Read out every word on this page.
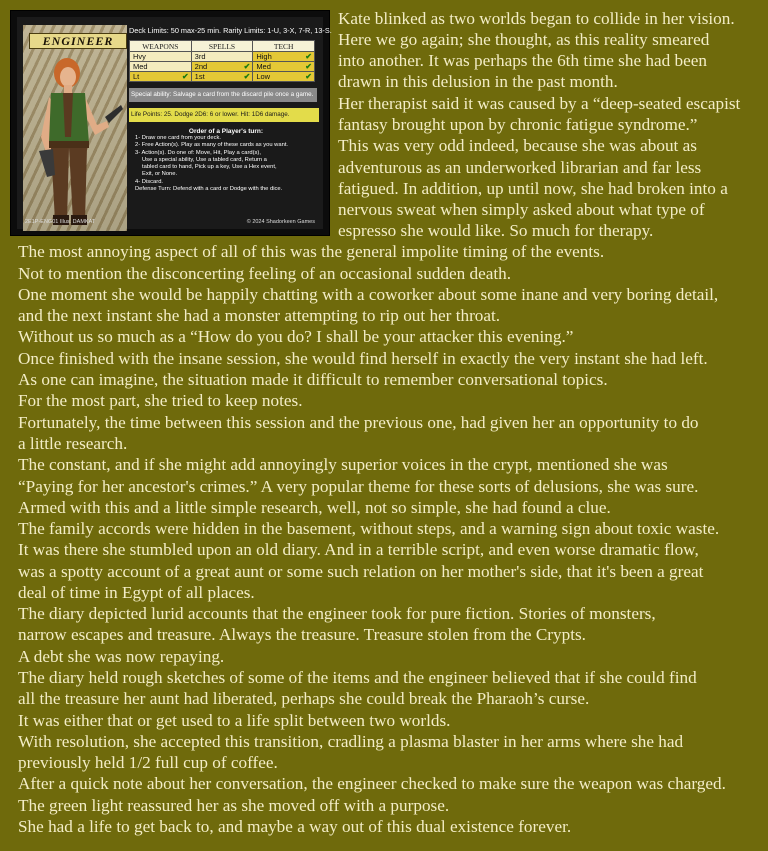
ENGINEER
Deck Limits: 50 max-25 min. Rarity Limits: 1-U, 3-X, 7-R, 13-S.
WEAPONS	SPELLS	TECH
Hvy	3rd	High ✔

Med	2nd ✔	Med ✔

Lt ✔	1st ✔	Low ✔
Special ability: Salvage a card from the discard pile once a game.
Life Points: 25. Dodge 2D6: 6 or lower. Hit: 1D6 damage.
Order of a Player's turn:
1- Draw one card from your deck.
2- Free Action(s). Play as many of these cards as you want.
3- Action(s). Do one of: Move, Hit, Play a card(s),
Use a special ability, Use a tabled card, Return a
tabled card to hand, Pick up a key, Use a Hex event,
Exit, or None.
4- Discard.
Defense Turn: Defend with a card or Dodge with the dice.
2E1P-ENG01 Illus. DAMKAT	© 2024 Shadorkeen Games
Kate blinked as two worlds began to collide in her vision.
Here we go again; she thought, as this reality smeared
into another. It was perhaps the 6th time she had been
drawn in this delusion in the past month.
Her therapist said it was caused by a “deep-seated escapist
fantasy brought upon by chronic fatigue syndrome.”
This was very odd indeed, because she was about as
adventurous as an underworked librarian and far less
fatigued. In addition, up until now, she had broken into a
nervous sweat when simply asked about what type of
espresso she would like. So much for therapy.
The most annoying aspect of all of this was the general impolite timing of the events.
Not to mention the disconcerting feeling of an occasional sudden death.
One moment she would be happily chatting with a coworker about some inane and very boring detail,
and the next instant she had a monster attempting to rip out her throat.
Without us so much as a “How do you do? I shall be your attacker this evening.”
Once finished with the insane session, she would find herself in exactly the very instant she had left.
As one can imagine, the situation made it difficult to remember conversational topics.
For the most part, she tried to keep notes.
Fortunately, the time between this session and the previous one, had given her an opportunity to do
a little research.
The constant, and if she might add annoyingly superior voices in the crypt, mentioned she was
“Paying for her ancestor's crimes.” A very popular theme for these sorts of delusions, she was sure.
Armed with this and a little simple research, well, not so simple, she had found a clue.
The family accords were hidden in the basement, without steps, and a warning sign about toxic waste.
It was there she stumbled upon an old diary. And in a terrible script, and even worse dramatic flow,
was a spotty account of a great aunt or some such relation on her mother's side, that it's been a great
deal of time in Egypt of all places.
The diary depicted lurid accounts that the engineer took for pure fiction. Stories of monsters,
narrow escapes and treasure. Always the treasure. Treasure stolen from the Crypts.
A debt she was now repaying.
The diary held rough sketches of some of the items and the engineer believed that if she could find
all the treasure her aunt had liberated, perhaps she could break the Pharaoh’s curse.
It was either that or get used to a life split between two worlds.
With resolution, she accepted this transition, cradling a plasma blaster in her arms where she had
previously held 1/2 full cup of coffee.
After a quick note about her conversation, the engineer checked to make sure the weapon was charged.
The green light reassured her as she moved off with a purpose.
She had a life to get back to, and maybe a way out of this dual existence forever.
